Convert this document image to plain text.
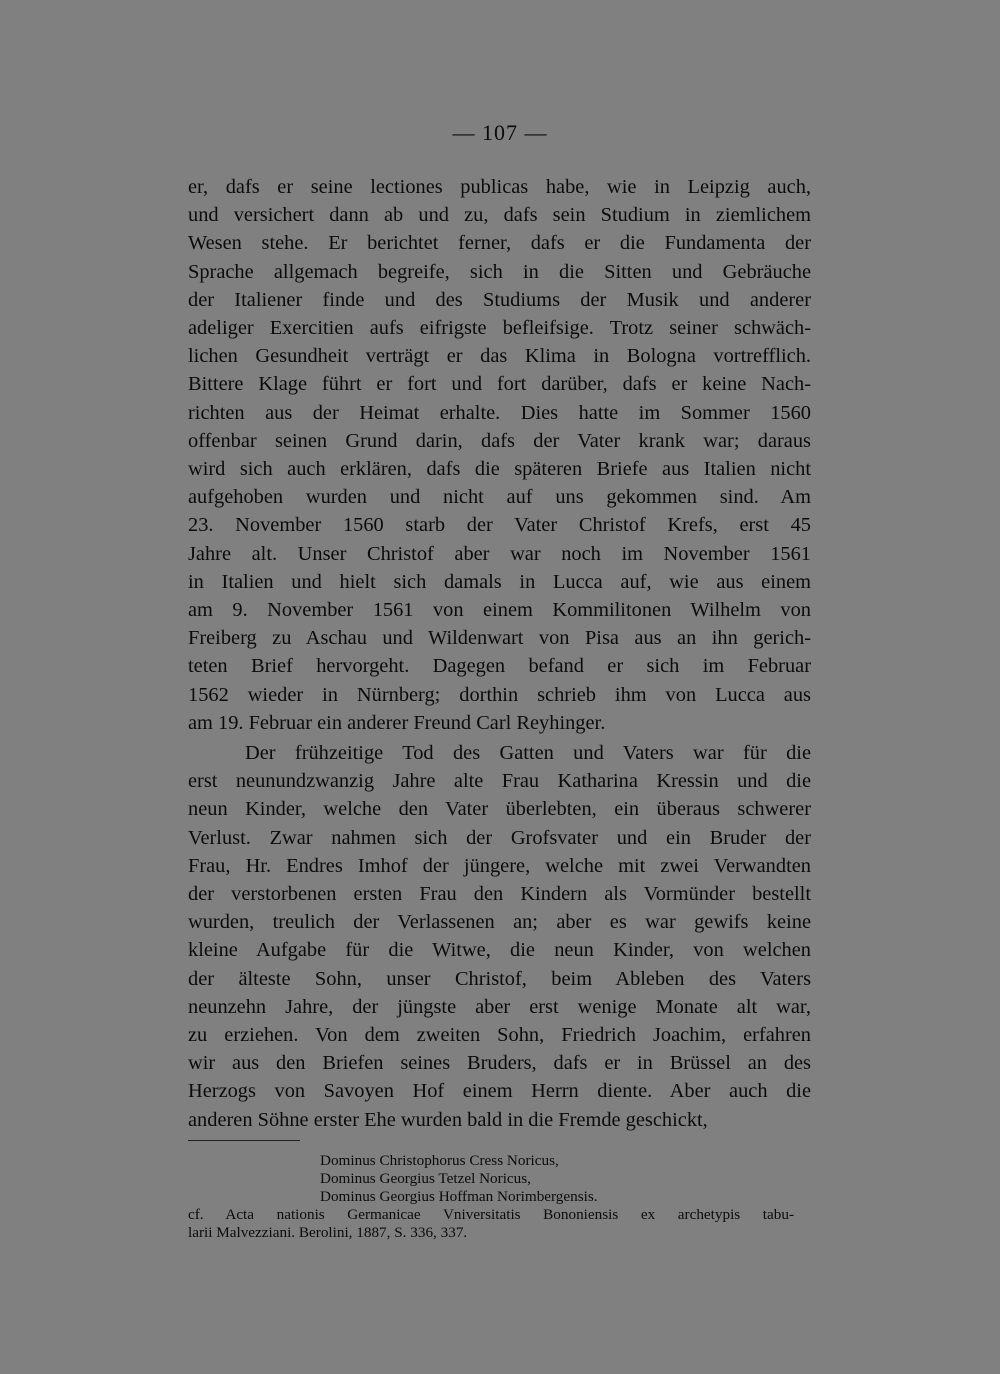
— 107 —
er, dafs er seine lectiones publicas habe, wie in Leipzig auch,
und versichert dann ab und zu, dafs sein Studium in ziemlichem
Wesen stehe. Er berichtet ferner, dafs er die Fundamenta der
Sprache allgemach begreife, sich in die Sitten und Gebräuche
der Italiener finde und des Studiums der Musik und anderer
adeliger Exercitien aufs eifrigste befleifsige. Trotz seiner schwäch-
lichen Gesundheit verträgt er das Klima in Bologna vortrefflich.
Bittere Klage führt er fort und fort darüber, dafs er keine Nach-
richten aus der Heimat erhalte. Dies hatte im Sommer 1560
offenbar seinen Grund darin, dafs der Vater krank war; daraus
wird sich auch erklären, dafs die späteren Briefe aus Italien nicht
aufgehoben wurden und nicht auf uns gekommen sind. Am
23. November 1560 starb der Vater Christof Krefs, erst 45
Jahre alt. Unser Christof aber war noch im November 1561
in Italien und hielt sich damals in Lucca auf, wie aus einem
am 9. November 1561 von einem Kommilitonen Wilhelm von
Freiberg zu Aschau und Wildenwart von Pisa aus an ihn gerich-
teten Brief hervorgeht. Dagegen befand er sich im Februar
1562 wieder in Nürnberg; dorthin schrieb ihm von Lucca aus
am 19. Februar ein anderer Freund Carl Reyhinger.
Der frühzeitige Tod des Gatten und Vaters war für die
erst neunundzwanzig Jahre alte Frau Katharina Kressin und die
neun Kinder, welche den Vater überlebten, ein überaus schwerer
Verlust. Zwar nahmen sich der Grofsvater und ein Bruder der
Frau, Hr. Endres Imhof der jüngere, welche mit zwei Verwandten
der verstorbenen ersten Frau den Kindern als Vormünder bestellt
wurden, treulich der Verlassenen an; aber es war gewifs keine
kleine Aufgabe für die Witwe, die neun Kinder, von welchen
der älteste Sohn, unser Christof, beim Ableben des Vaters
neunzehn Jahre, der jüngste aber erst wenige Monate alt war,
zu erziehen. Von dem zweiten Sohn, Friedrich Joachim, erfahren
wir aus den Briefen seines Bruders, dafs er in Brüssel an des
Herzogs von Savoyen Hof einem Herrn diente. Aber auch die
anderen Söhne erster Ehe wurden bald in die Fremde geschickt,
Dominus Christophorus Cress Noricus,
Dominus Georgius Tetzel Noricus,
Dominus Georgius Hoffman Norimbergensis.
cf. Acta nationis Germanicae Vniversitatis Bononiensis ex archetypis tabu-
larii Malvezziani. Berolini, 1887, S. 336, 337.
